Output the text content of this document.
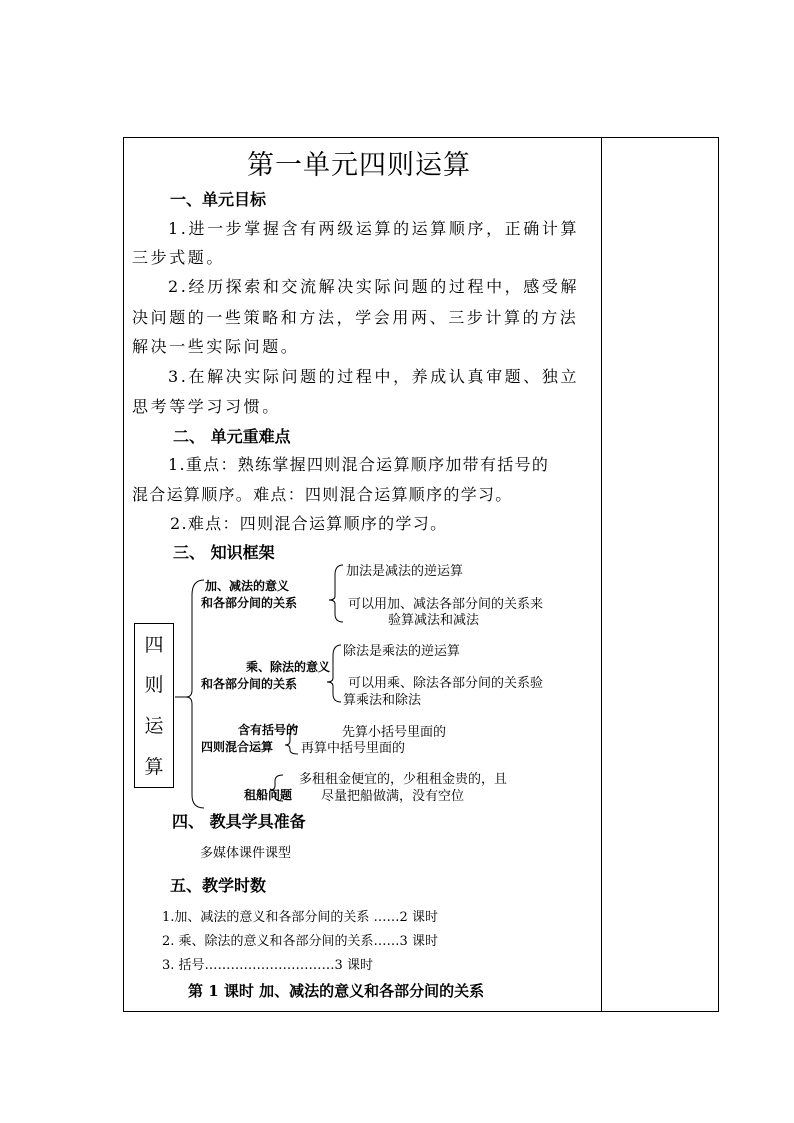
第一单元四则运算
一、单元目标
1.进一步掌握含有两级运算的运算顺序，正确计算
三步式题。
2.经历探索和交流解决实际问题的过程中，感受解
决问题的一些策略和方法，学会用两、三步计算的方法
解决一些实际问题。
3.在解决实际问题的过程中，养成认真审题、独立
思考等学习习惯。
二、 单元重难点
1.重点：熟练掌握四则混合运算顺序加带有括号的
混合运算顺序。难点：四则混合运算顺序的学习。
2.难点：四则混合运算顺序的学习。
三、 知识框架
四
则
运
算
加、减法的意义
和各部分间的关系
加法是减法的逆运算
可以用加、减法各部分间的关系来
验算减法和减法
乘、除法的意义
和各部分间的关系
除法是乘法的逆运算
可以用乘、除法各部分间的关系验
算乘法和除法
含有括号的
四则混合运算
先算小括号里面的
再算中括号里面的
租船问题
多租租金便宜的，少租租金贵的，且
尽量把船做满，没有空位
四、 教具学具准备
多媒体课件课型
五、教学时数
1.加、减法的意义和各部分间的关系 ……2 课时
2. 乘、除法的意义和各部分间的关系……3 课时
3. 括号…………………………3 课时
第 1 课时 加、减法的意义和各部分间的关系
